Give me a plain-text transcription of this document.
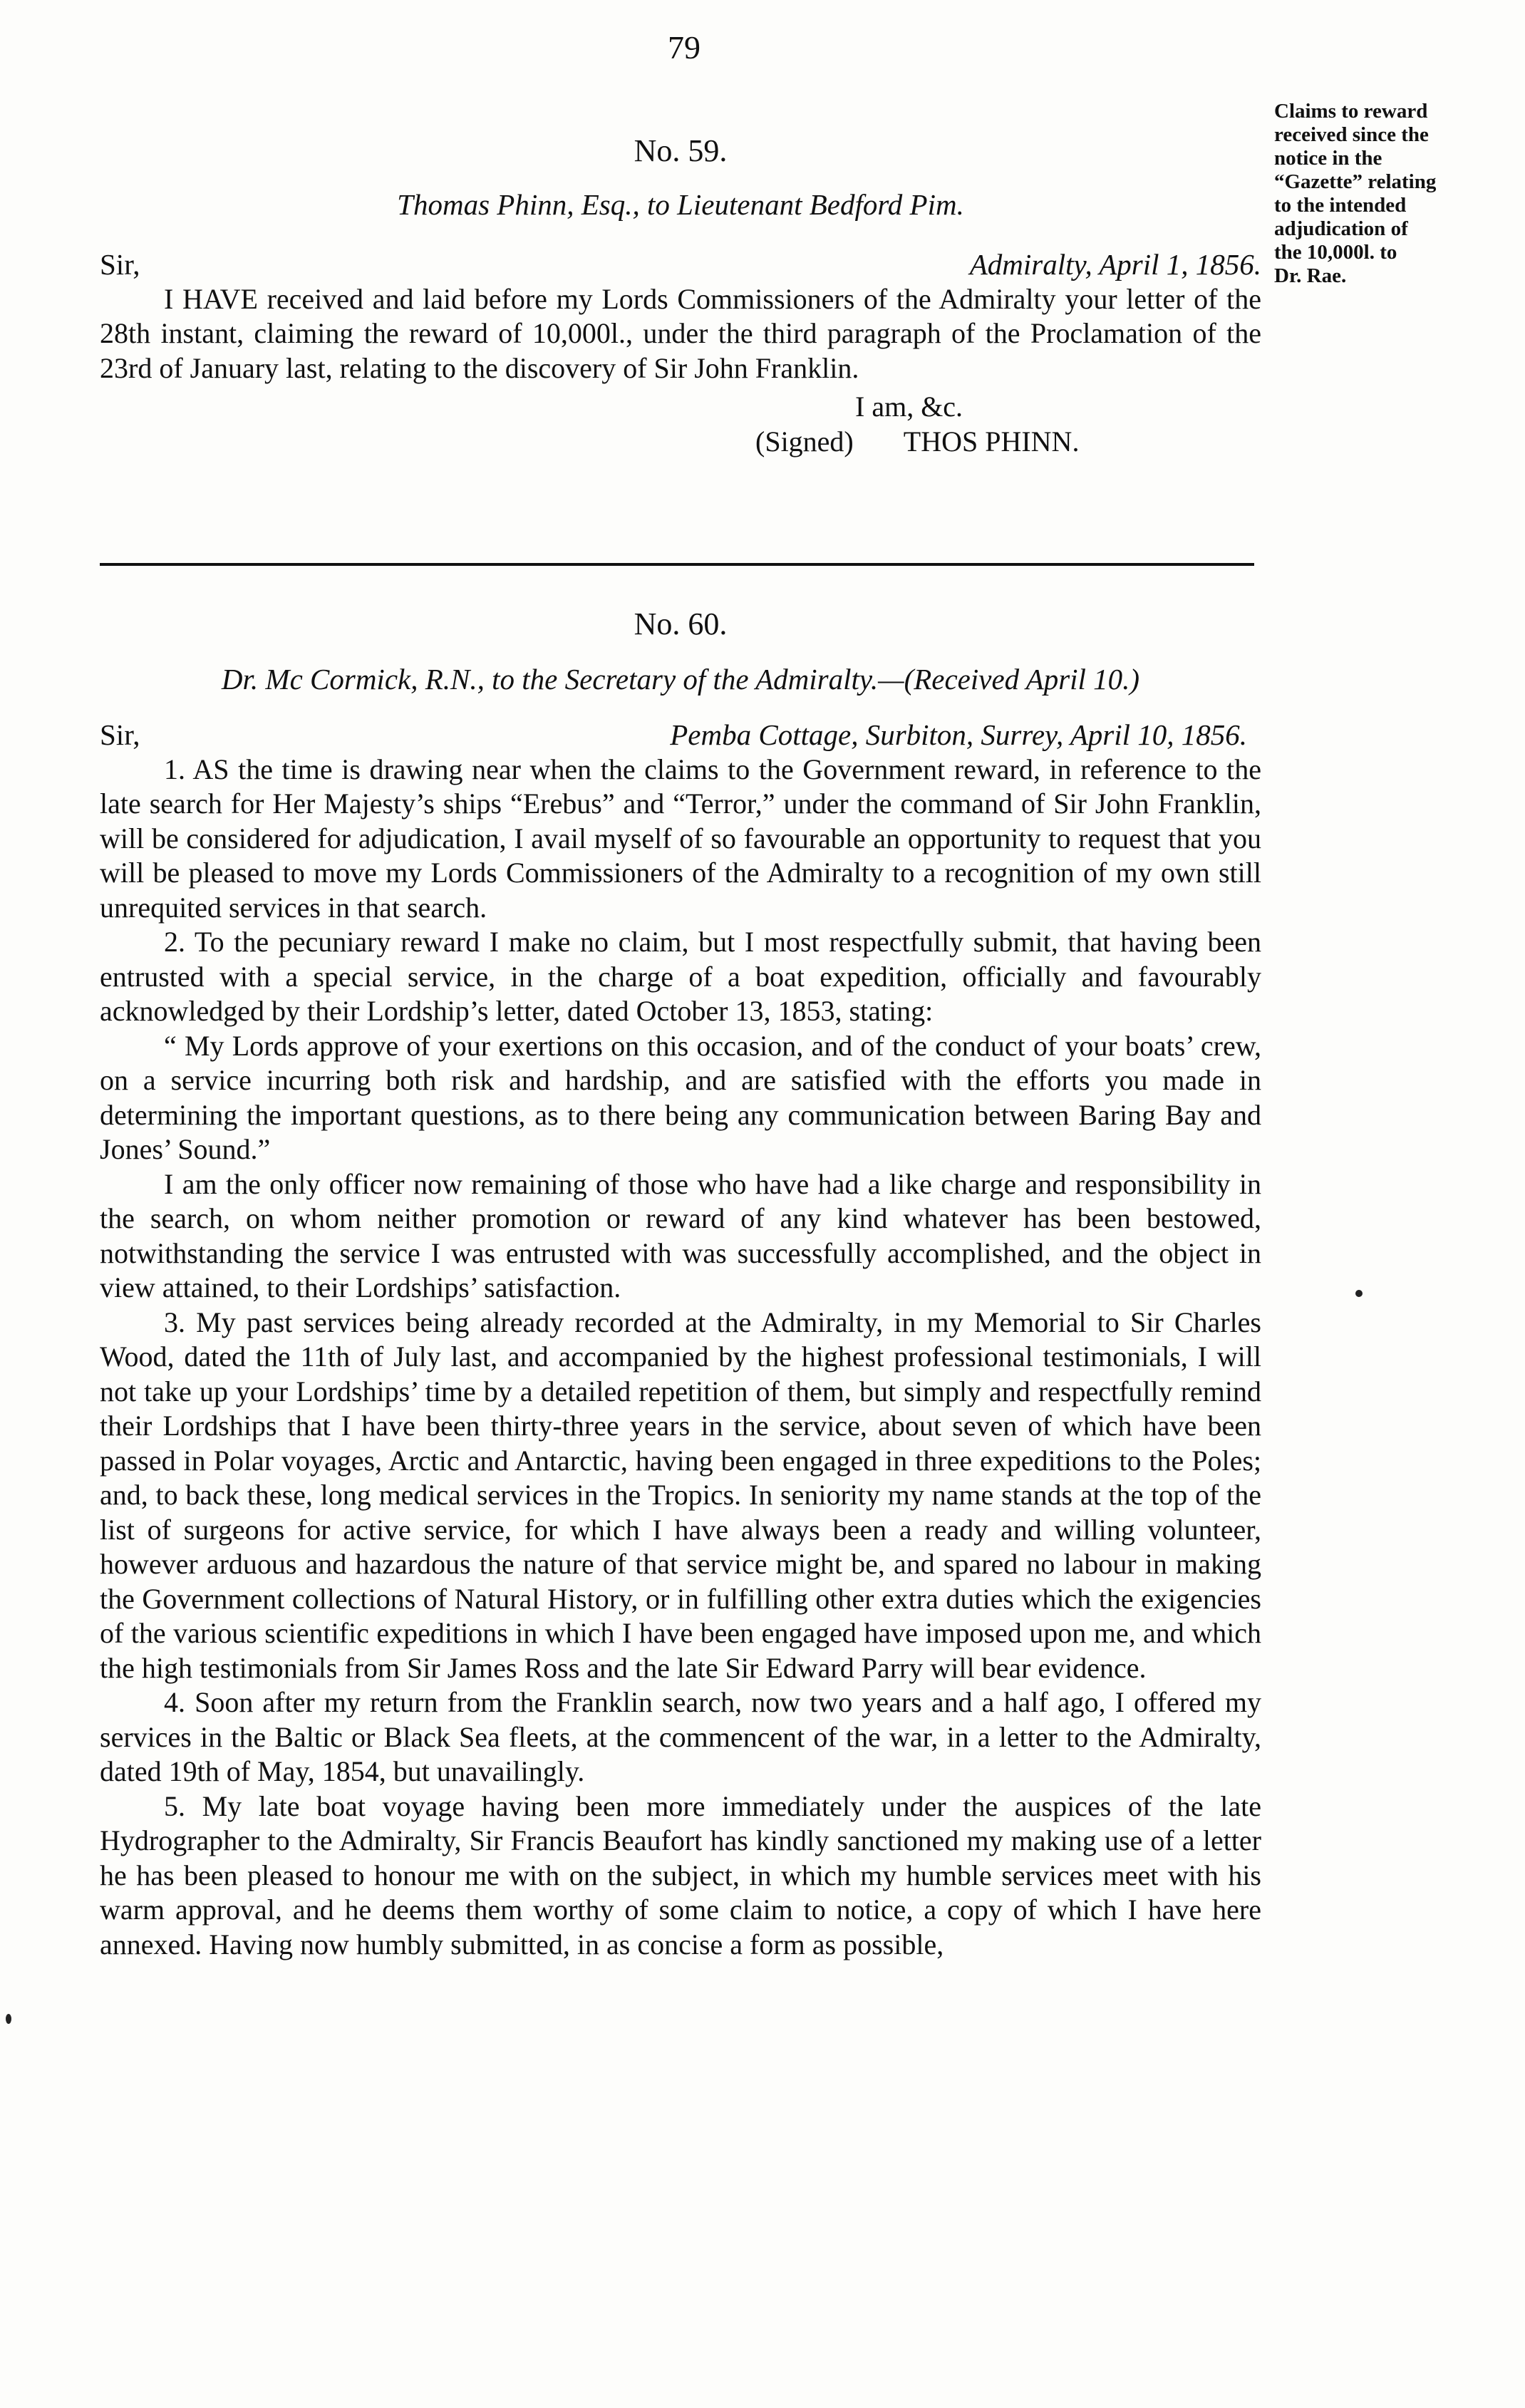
79
Claims to reward
received since the
notice in the
“Gazette” relating
to the intended
adjudication of
the 10,000l. to
Dr. Rae.

No. 59.

Thomas Phinn, Esq., to Lieutenant Bedford Pim.

Sir,	Admiralty, April 1, 1856.

I HAVE received and laid before my Lords Commissioners of the Admiralty your letter of the 28th instant, claiming the reward of 10,000l., under the third paragraph of the Proclamation of the 23rd of January last, relating to the discovery of Sir John Franklin.

I am, &c.

(Signed) THOS PHINN.

No. 60.

Dr. Mc Cormick, R.N., to the Secretary of the Admiralty.—(Received April 10.)

Sir,	Pemba Cottage, Surbiton, Surrey, April 10, 1856.

1. AS the time is drawing near when the claims to the Government reward, in reference to the late search for Her Majesty’s ships “Erebus” and “Terror,” under the command of Sir John Franklin, will be considered for adjudication, I avail myself of so favourable an opportunity to request that you will be pleased to move my Lords Commissioners of the Admiralty to a recognition of my own still unrequited services in that search.

2. To the pecuniary reward I make no claim, but I most respectfully submit, that having been entrusted with a special service, in the charge of a boat expedition, officially and favourably acknowledged by their Lordship’s letter, dated October 13, 1853, stating:

“ My Lords approve of your exertions on this occasion, and of the conduct of your boats’ crew, on a service incurring both risk and hardship, and are satisfied with the efforts you made in determining the important questions, as to there being any communication between Baring Bay and Jones’ Sound.”

I am the only officer now remaining of those who have had a like charge and responsibility in the search, on whom neither promotion or reward of any kind whatever has been bestowed, notwithstanding the service I was entrusted with was successfully accomplished, and the object in view attained, to their Lordships’ satisfaction.

3. My past services being already recorded at the Admiralty, in my Memorial to Sir Charles Wood, dated the 11th of July last, and accompanied by the highest professional testimonials, I will not take up your Lordships’ time by a detailed repetition of them, but simply and respectfully remind their Lordships that I have been thirty-three years in the service, about seven of which have been passed in Polar voyages, Arctic and Antarctic, having been engaged in three expeditions to the Poles; and, to back these, long medical services in the Tropics. In seniority my name stands at the top of the list of surgeons for active service, for which I have always been a ready and willing volunteer, however arduous and hazardous the nature of that service might be, and spared no labour in making the Government collections of Natural History, or in fulfilling other extra duties which the exigencies of the various scientific expeditions in which I have been engaged have imposed upon me, and which the high testimonials from Sir James Ross and the late Sir Edward Parry will bear evidence.

4. Soon after my return from the Franklin search, now two years and a half ago, I offered my services in the Baltic or Black Sea fleets, at the commencent of the war, in a letter to the Admiralty, dated 19th of May, 1854, but unavailingly.

5. My late boat voyage having been more immediately under the auspices of the late Hydrographer to the Admiralty, Sir Francis Beaufort has kindly sanctioned my making use of a letter he has been pleased to honour me with on the subject, in which my humble services meet with his warm approval, and he deems them worthy of some claim to notice, a copy of which I have here annexed. Having now humbly submitted, in as concise a form as possible,
